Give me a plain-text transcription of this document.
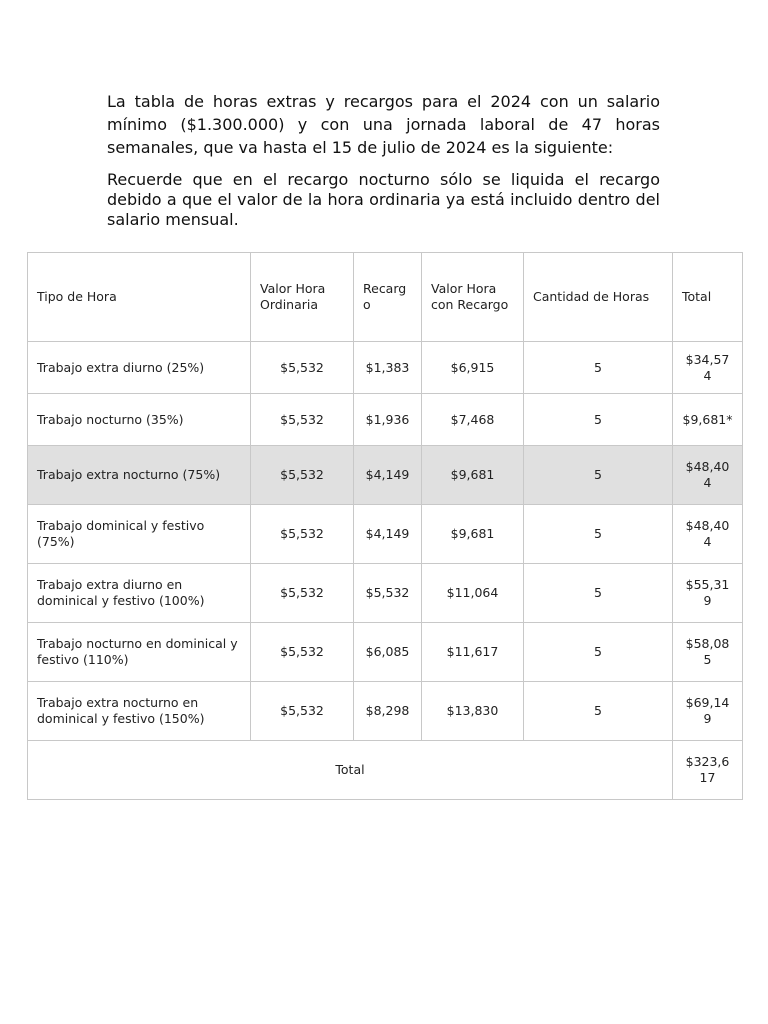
La tabla de horas extras y recargos para el 2024 con un salario mínimo ($1.300.000) y con una jornada laboral de 47 horas semanales, que va hasta el 15 de julio de 2024 es la siguiente:

Recuerde que en el recargo nocturno sólo se liquida el recargo debido a que el valor de la hora ordinaria ya está incluido dentro del salario mensual.

Tipo de Hora	Valor Hora Ordinaria	Recargo	Valor Hora con Recargo	Cantidad de Horas	Total
Trabajo extra diurno (25%)	$5,532	$1,383	$6,915	5	$34,574
Trabajo nocturno (35%)	$5,532	$1,936	$7,468	5	$9,681*
Trabajo extra nocturno (75%)	$5,532	$4,149	$9,681	5	$48,404
Trabajo dominical y festivo (75%)	$5,532	$4,149	$9,681	5	$48,404
Trabajo extra diurno en dominical y festivo (100%)	$5,532	$5,532	$11,064	5	$55,319
Trabajo nocturno en dominical y festivo (110%)	$5,532	$6,085	$11,617	5	$58,085
Trabajo extra nocturno en dominical y festivo (150%)	$5,532	$8,298	$13,830	5	$69,149
Total					$323,617
